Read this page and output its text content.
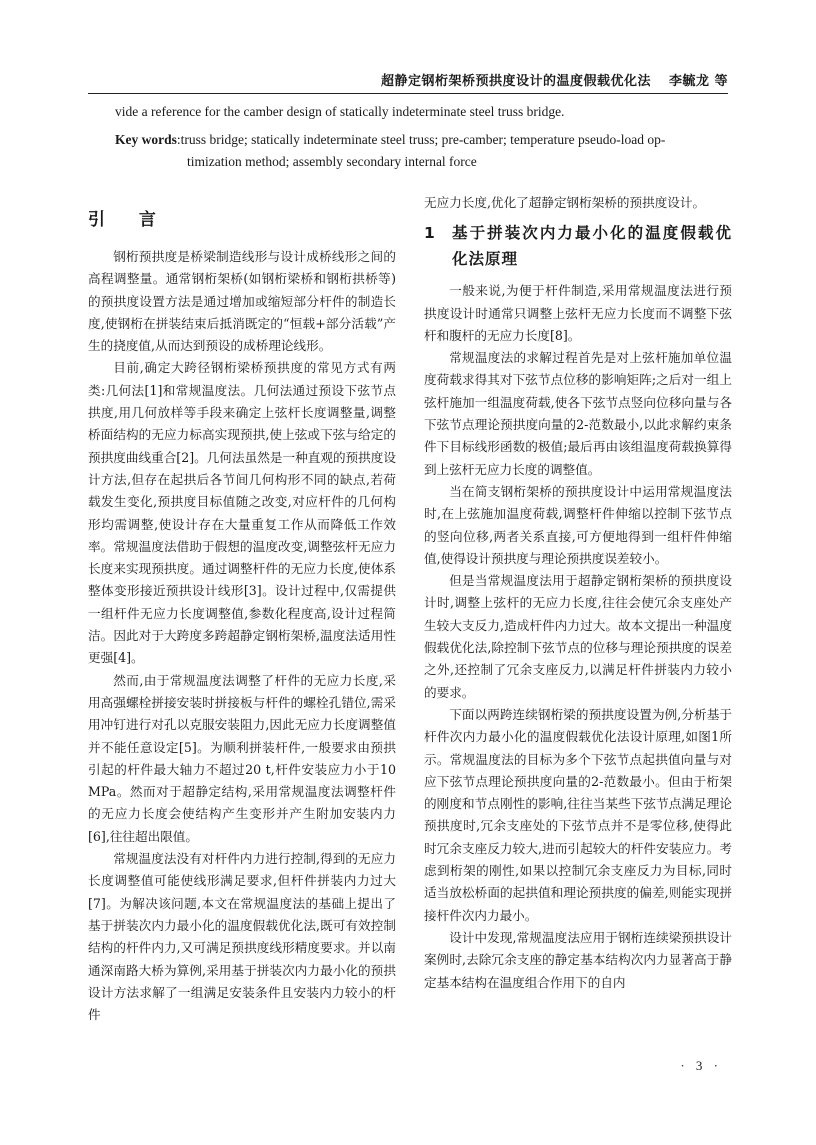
超静定钢桁架桥预拱度设计的温度假载优化法 李毓龙 等
vide a reference for the camber design of statically indeterminate steel truss bridge.
Key words:truss bridge; statically indeterminate steel truss; pre-camber; temperature pseudo-load op-
timization method; assembly secondary internal force
引 言

钢桁预拱度是桥梁制造线形与设计成桥线形之间的高程调整量。通常钢桁架桥(如钢桁梁桥和钢桁拱桥等)的预拱度设置方法是通过增加或缩短部分杆件的制造长度,使钢桁在拼装结束后抵消既定的“恒载+部分活载”产生的挠度值,从而达到预设的成桥理论线形。

目前,确定大跨径钢桁梁桥预拱度的常见方式有两类:几何法[1]和常规温度法。几何法通过预设下弦节点拱度,用几何放样等手段来确定上弦杆长度调整量,调整桥面结构的无应力标高实现预拱,使上弦或下弦与给定的预拱度曲线重合[2]。几何法虽然是一种直观的预拱度设计方法,但存在起拱后各节间几何构形不同的缺点,若荷载发生变化,预拱度目标值随之改变,对应杆件的几何构形均需调整,使设计存在大量重复工作从而降低工作效率。常规温度法借助于假想的温度改变,调整弦杆无应力长度来实现预拱度。通过调整杆件的无应力长度,使体系整体变形接近预拱设计线形[3]。设计过程中,仅需提供一组杆件无应力长度调整值,参数化程度高,设计过程简洁。因此对于大跨度多跨超静定钢桁架桥,温度法适用性更强[4]。

然而,由于常规温度法调整了杆件的无应力长度,采用高强螺栓拼接安装时拼接板与杆件的螺栓孔错位,需采用冲钉进行对孔以克服安装阻力,因此无应力长度调整值并不能任意设定[5]。为顺利拼装杆件,一般要求由预拱引起的杆件最大轴力不超过20 t,杆件安装应力小于10 MPa。然而对于超静定结构,采用常规温度法调整杆件的无应力长度会使结构产生变形并产生附加安装内力[6],往往超出限值。

常规温度法没有对杆件内力进行控制,得到的无应力长度调整值可能使线形满足要求,但杆件拼装内力过大[7]。为解决该问题,本文在常规温度法的基础上提出了基于拼装次内力最小化的温度假载优化法,既可有效控制结构的杆件内力,又可满足预拱度线形精度要求。并以南通深南路大桥为算例,采用基于拼装次内力最小化的预拱设计方法求解了一组满足安装条件且安装内力较小的杆件

无应力长度,优化了超静定钢桁架桥的预拱度设计。

1	基于拼装次内力最小化的温度假载优化法原理

一般来说,为便于杆件制造,采用常规温度法进行预拱度设计时通常只调整上弦杆无应力长度而不调整下弦杆和腹杆的无应力长度[8]。

常规温度法的求解过程首先是对上弦杆施加单位温度荷载求得其对下弦节点位移的影响矩阵;之后对一组上弦杆施加一组温度荷载,使各下弦节点竖向位移向量与各下弦节点理论预拱度向量的2-范数最小,以此求解约束条件下目标线形函数的极值;最后再由该组温度荷载换算得到上弦杆无应力长度的调整值。

当在简支钢桁架桥的预拱度设计中运用常规温度法时,在上弦施加温度荷载,调整杆件伸缩以控制下弦节点的竖向位移,两者关系直接,可方便地得到一组杆件伸缩值,使得设计预拱度与理论预拱度误差较小。

但是当常规温度法用于超静定钢桁架桥的预拱度设计时,调整上弦杆的无应力长度,往往会使冗余支座处产生较大支反力,造成杆件内力过大。故本文提出一种温度假载优化法,除控制下弦节点的位移与理论预拱度的误差之外,还控制了冗余支座反力,以满足杆件拼装内力较小的要求。

下面以两跨连续钢桁梁的预拱度设置为例,分析基于杆件次内力最小化的温度假载优化法设计原理,如图1所示。常规温度法的目标为多个下弦节点起拱值向量与对应下弦节点理论预拱度向量的2-范数最小。但由于桁架的刚度和节点刚性的影响,往往当某些下弦节点满足理论预拱度时,冗余支座处的下弦节点并不是零位移,使得此时冗余支座反力较大,进而引起较大的杆件安装应力。考虑到桁架的刚性,如果以控制冗余支座反力为目标,同时适当放松桥面的起拱值和理论预拱度的偏差,则能实现拼接杆件次内力最小。

设计中发现,常规温度法应用于钢桁连续梁预拱设计案例时,去除冗余支座的静定基本结构次内力显著高于静定基本结构在温度组合作用下的自内

· 3 ·
